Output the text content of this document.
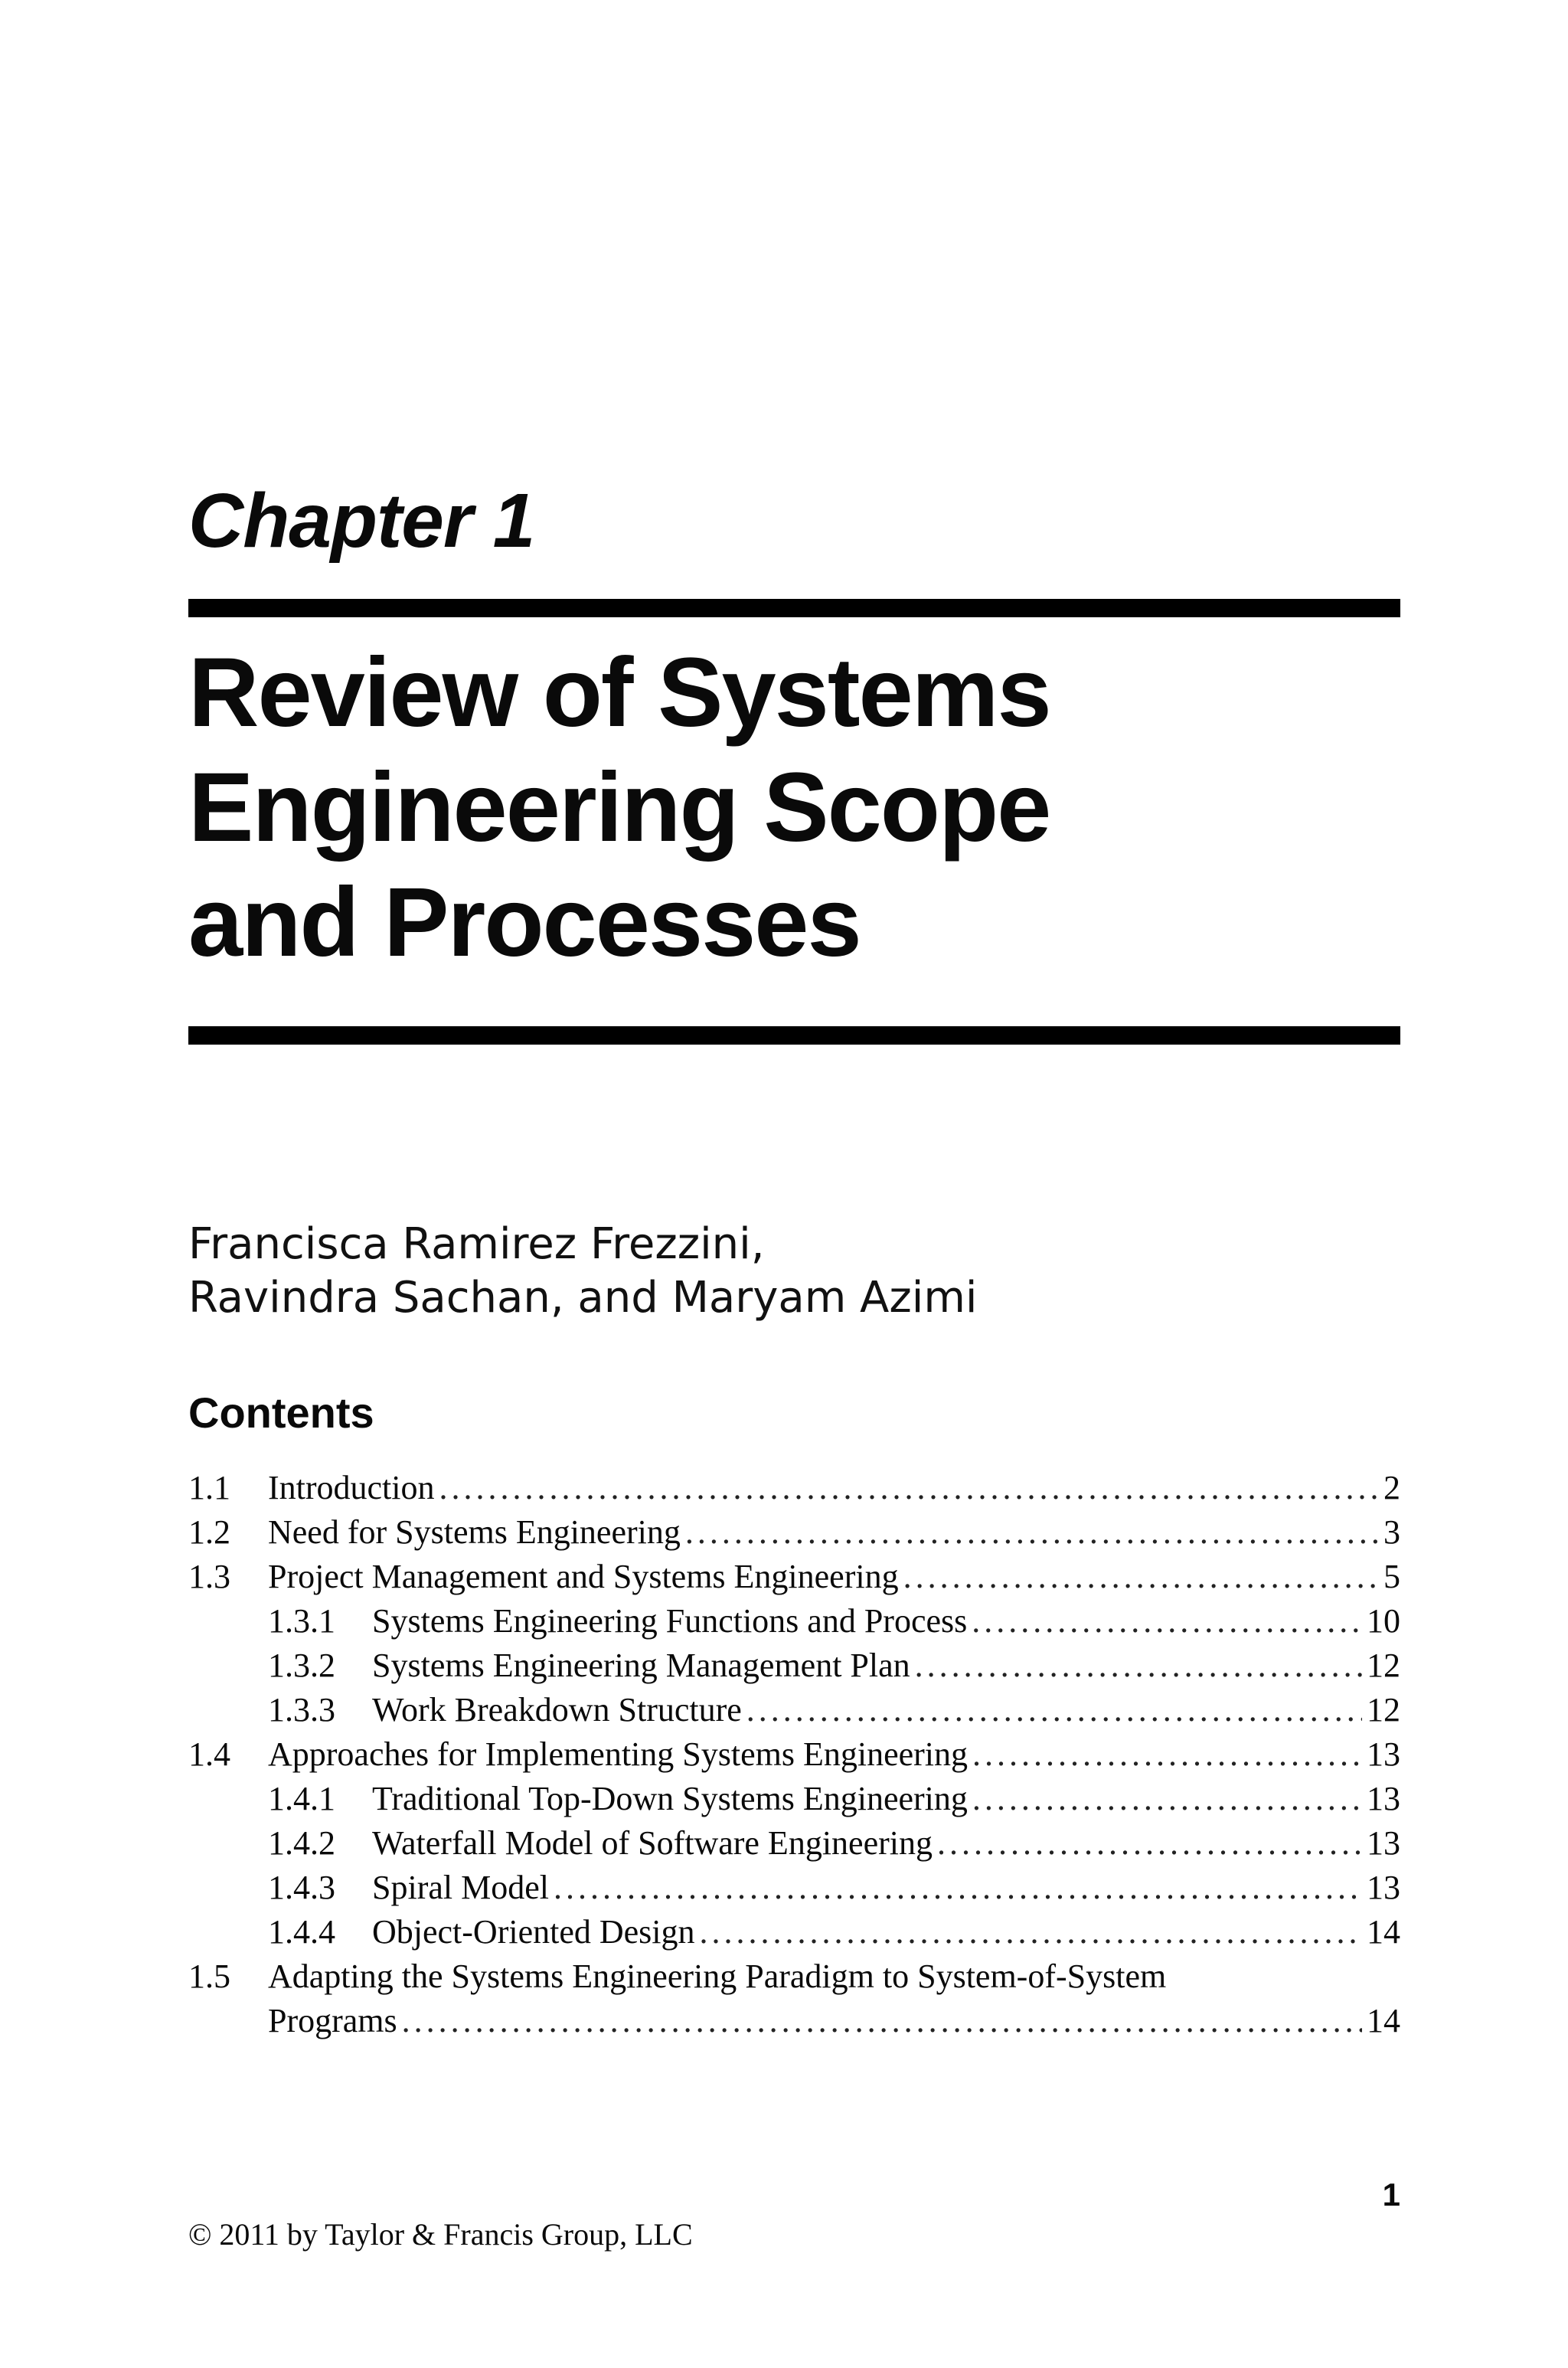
Chapter 1
Review of Systems
Engineering Scope
and Processes
Francisca Ramirez Frezzini,
Ravindra Sachan, and Maryam Azimi
Contents
1.1	Introduction .....	2
1.2	Need for Systems Engineering .....	3
1.3	Project Management and Systems Engineering .....	5
1.3.1	Systems Engineering Functions and Process .....	10
1.3.2	Systems Engineering Management Plan .....	12
1.3.3	Work Breakdown Structure .....	12
1.4	Approaches for Implementing Systems Engineering .....	13
1.4.1	Traditional Top-Down Systems Engineering .....	13
1.4.2	Waterfall Model of Software Engineering .....	13
1.4.3	Spiral Model .....	13
1.4.4	Object-Oriented Design .....	14
1.5	Adapting the Systems Engineering Paradigm to System-of-System
Programs .....	14
1
© 2011 by Taylor & Francis Group, LLC
